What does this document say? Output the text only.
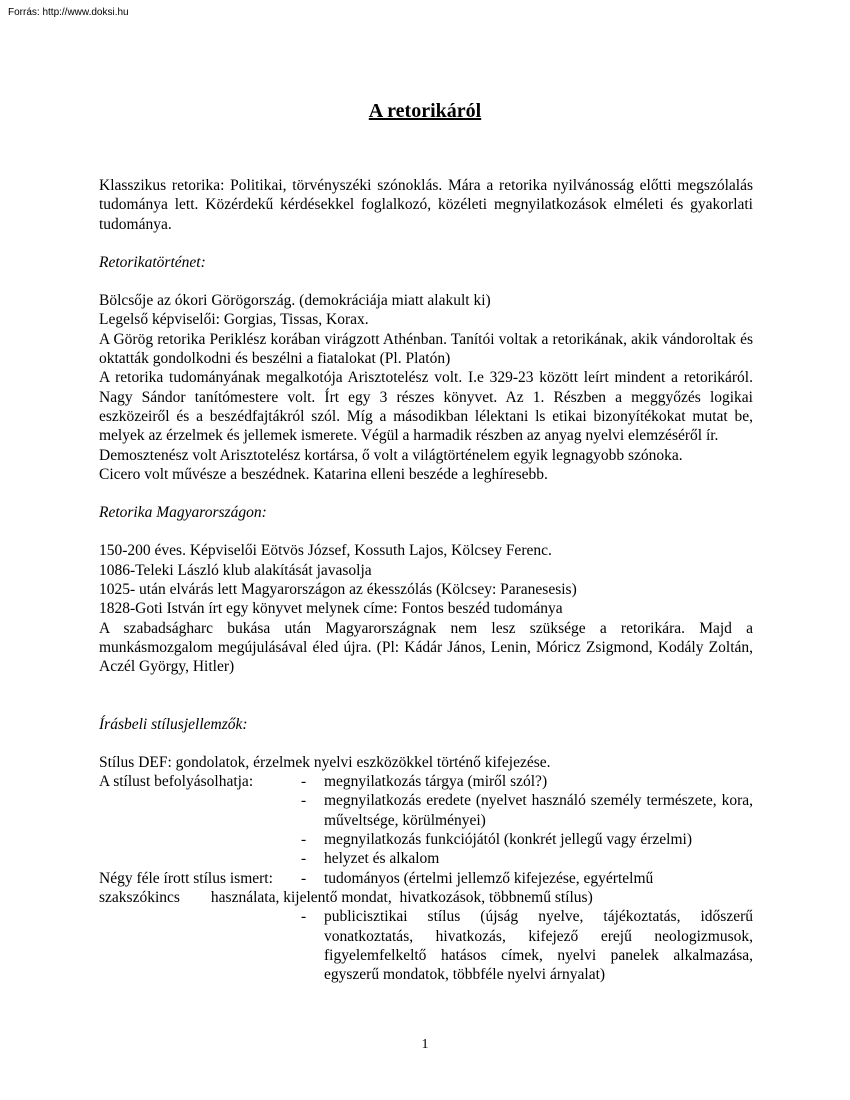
Forrás: http://www.doksi.hu
A retorikáról

Klasszikus retorika: Politikai, törvényszéki szónoklás. Mára a retorika nyilvánosság előtti megszólalás tudománya lett. Közérdekű kérdésekkel foglalkozó, közéleti megnyilatkozások elméleti és gyakorlati tudománya.

Retorikatörténet:

Bölcsője az ókori Görögország. (demokráciája miatt alakult ki)

Legelső képviselői: Gorgias, Tissas, Korax.

A Görög retorika Periklész korában virágzott Athénban. Tanítói voltak a retorikának, akik vándoroltak és oktatták gondolkodni és beszélni a fiatalokat (Pl. Platón)

A retorika tudományának megalkotója Arisztotelész volt. I.e 329-23 között leírt mindent a retorikáról. Nagy Sándor tanítómestere volt. Írt egy 3 részes könyvet. Az 1. Részben a meggyőzés logikai eszközeiről és a beszédfajtákról szól. Míg a másodikban lélektani ls etikai bizonyítékokat mutat be, melyek az érzelmek és jellemek ismerete. Végül a harmadik részben az anyag nyelvi elemzéséről ír.

Demosztenész volt Arisztotelész kortársa, ő volt a világtörténelem egyik legnagyobb szónoka.

Cicero volt művésze a beszédnek. Katarina elleni beszéde a leghíresebb.

Retorika Magyarországon:

150-200 éves. Képviselői Eötvös József, Kossuth Lajos, Kölcsey Ferenc.

1086-Teleki László klub alakítását javasolja

1025- után elvárás lett Magyarországon az ékesszólás (Kölcsey: Paranesesis)

1828-Goti István írt egy könyvet melynek címe: Fontos beszéd tudománya

A szabadságharc bukása után Magyarországnak nem lesz szüksége a retorikára. Majd a munkásmozgalom megújulásával éled újra. (Pl: Kádár János, Lenin, Móricz Zsigmond, Kodály Zoltán, Aczél György, Hitler)

Írásbeli stílusjellemzők:

Stílus DEF: gondolatok, érzelmek nyelvi eszközökkel történő kifejezése.

A stílust befolyásolhatja:	- megnyilatkozás tárgya (miről szól?)
- megnyilatkozás eredete (nyelvet használó személy természete, kora, műveltsége, körülményei)
- megnyilatkozás funkciójától (konkrét jellegű vagy érzelmi)
- helyzet és alkalom
Négy féle írott stílus ismert: - tudományos (értelmi jellemző kifejezése, egyértelmű

szakszókincs        használata, kijelentő mondat,  hivatkozások, többnemű stílus)

- publicisztikai stílus (újság nyelve, tájékoztatás, időszerű vonatkoztatás, hivatkozás, kifejező erejű neologizmusok, figyelemfelkeltő hatásos címek, nyelvi panelek alkalmazása, egyszerű mondatok, többféle nyelvi árnyalat)
1
